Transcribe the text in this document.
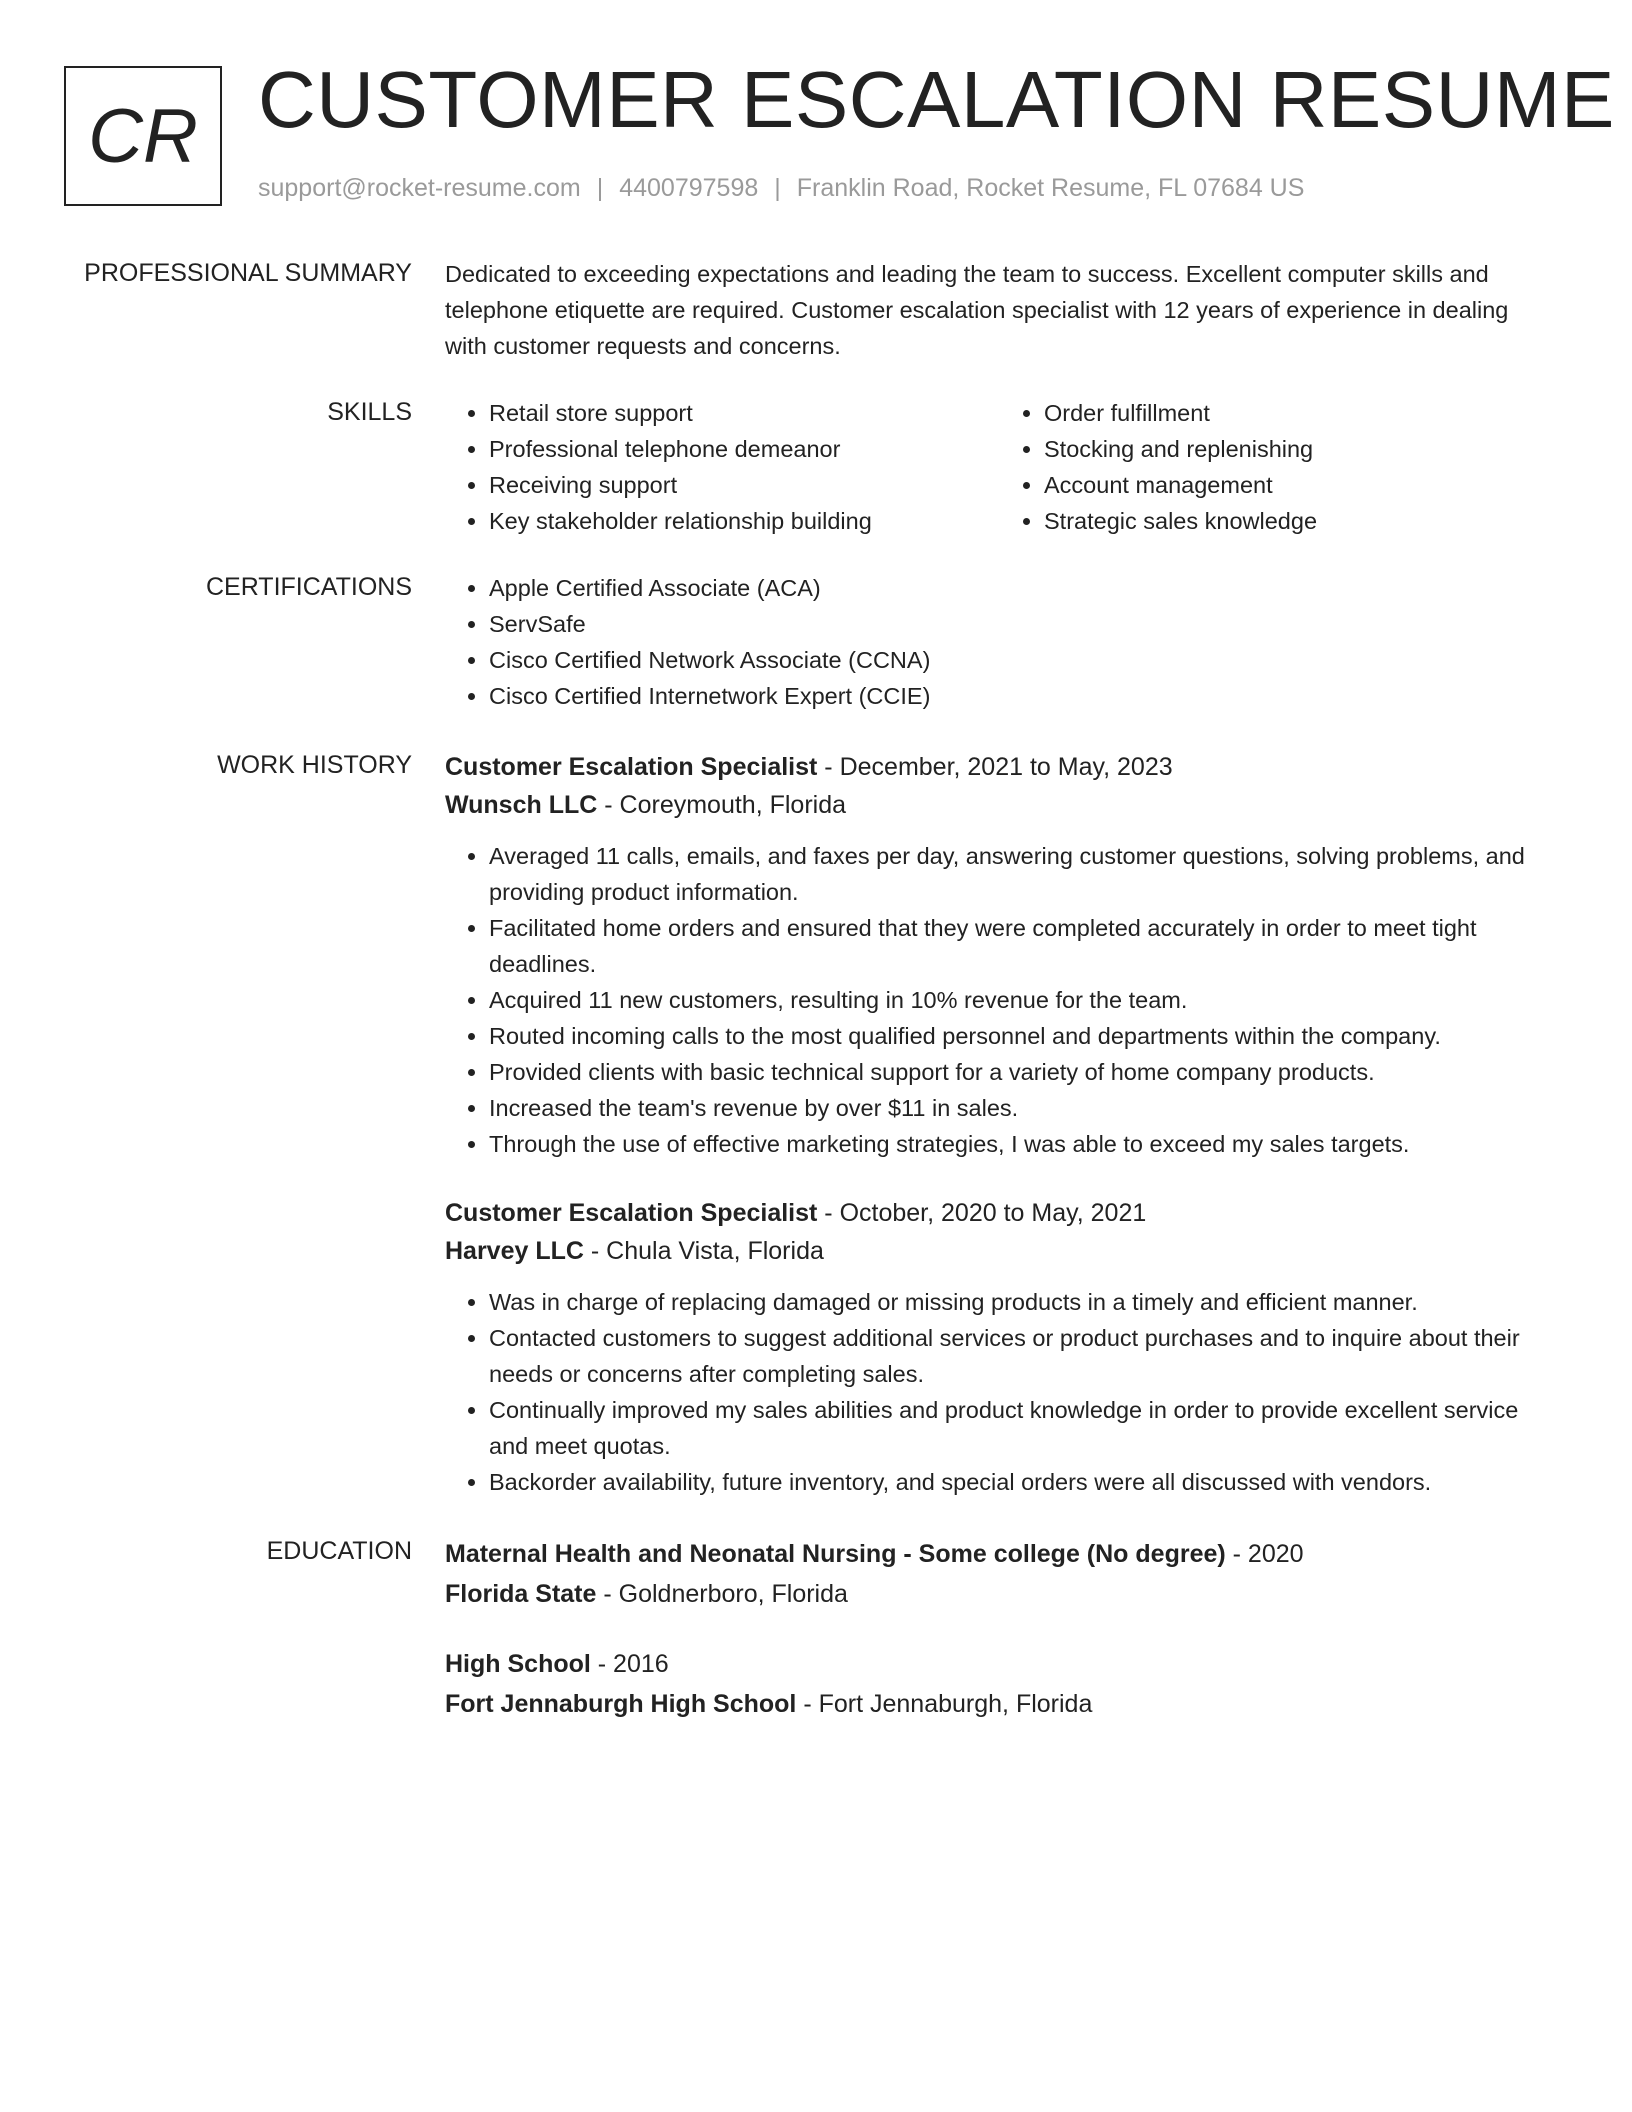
CR CUSTOMER ESCALATION RESUME
support@rocket-resume.com | 4400797598 | Franklin Road, Rocket Resume, FL 07684 US
PROFESSIONAL SUMMARY Dedicated to exceeding expectations and leading the team to success. Excellent computer skills and telephone etiquette are required. Customer escalation specialist with 12 years of experience in dealing with customer requests and concerns.

SKILLS	• Retail store support
• Professional telephone demeanor
• Receiving support
• Key stakeholder relationship building
• Order fulfillment
• Stocking and replenishing
• Account management
• Strategic sales knowledge
CERTIFICATIONS	• Apple Certified Associate (ACA)
• ServSafe
• Cisco Certified Network Associate (CCNA)
• Cisco Certified Internetwork Expert (CCIE)
WORK HISTORY Customer Escalation Specialist - December, 2021 to May, 2023
Wunsch LLC - Coreymouth, Florida
• Averaged 11 calls, emails, and faxes per day, answering customer questions, solving problems, and providing product information.
• Facilitated home orders and ensured that they were completed accurately in order to meet tight deadlines.
• Acquired 11 new customers, resulting in 10% revenue for the team.
• Routed incoming calls to the most qualified personnel and departments within the company.
• Provided clients with basic technical support for a variety of home company products.
• Increased the team's revenue by over $11 in sales.
• Through the use of effective marketing strategies, I was able to exceed my sales targets.
Customer Escalation Specialist - October, 2020 to May, 2021
Harvey LLC - Chula Vista, Florida
• Was in charge of replacing damaged or missing products in a timely and efficient manner.
• Contacted customers to suggest additional services or product purchases and to inquire about their needs or concerns after completing sales.
• Continually improved my sales abilities and product knowledge in order to provide excellent service and meet quotas.
• Backorder availability, future inventory, and special orders were all discussed with vendors.
EDUCATION Maternal Health and Neonatal Nursing - Some college (No degree) - 2020
Florida State - Goldnerboro, Florida
High School - 2016
Fort Jennaburgh High School - Fort Jennaburgh, Florida
